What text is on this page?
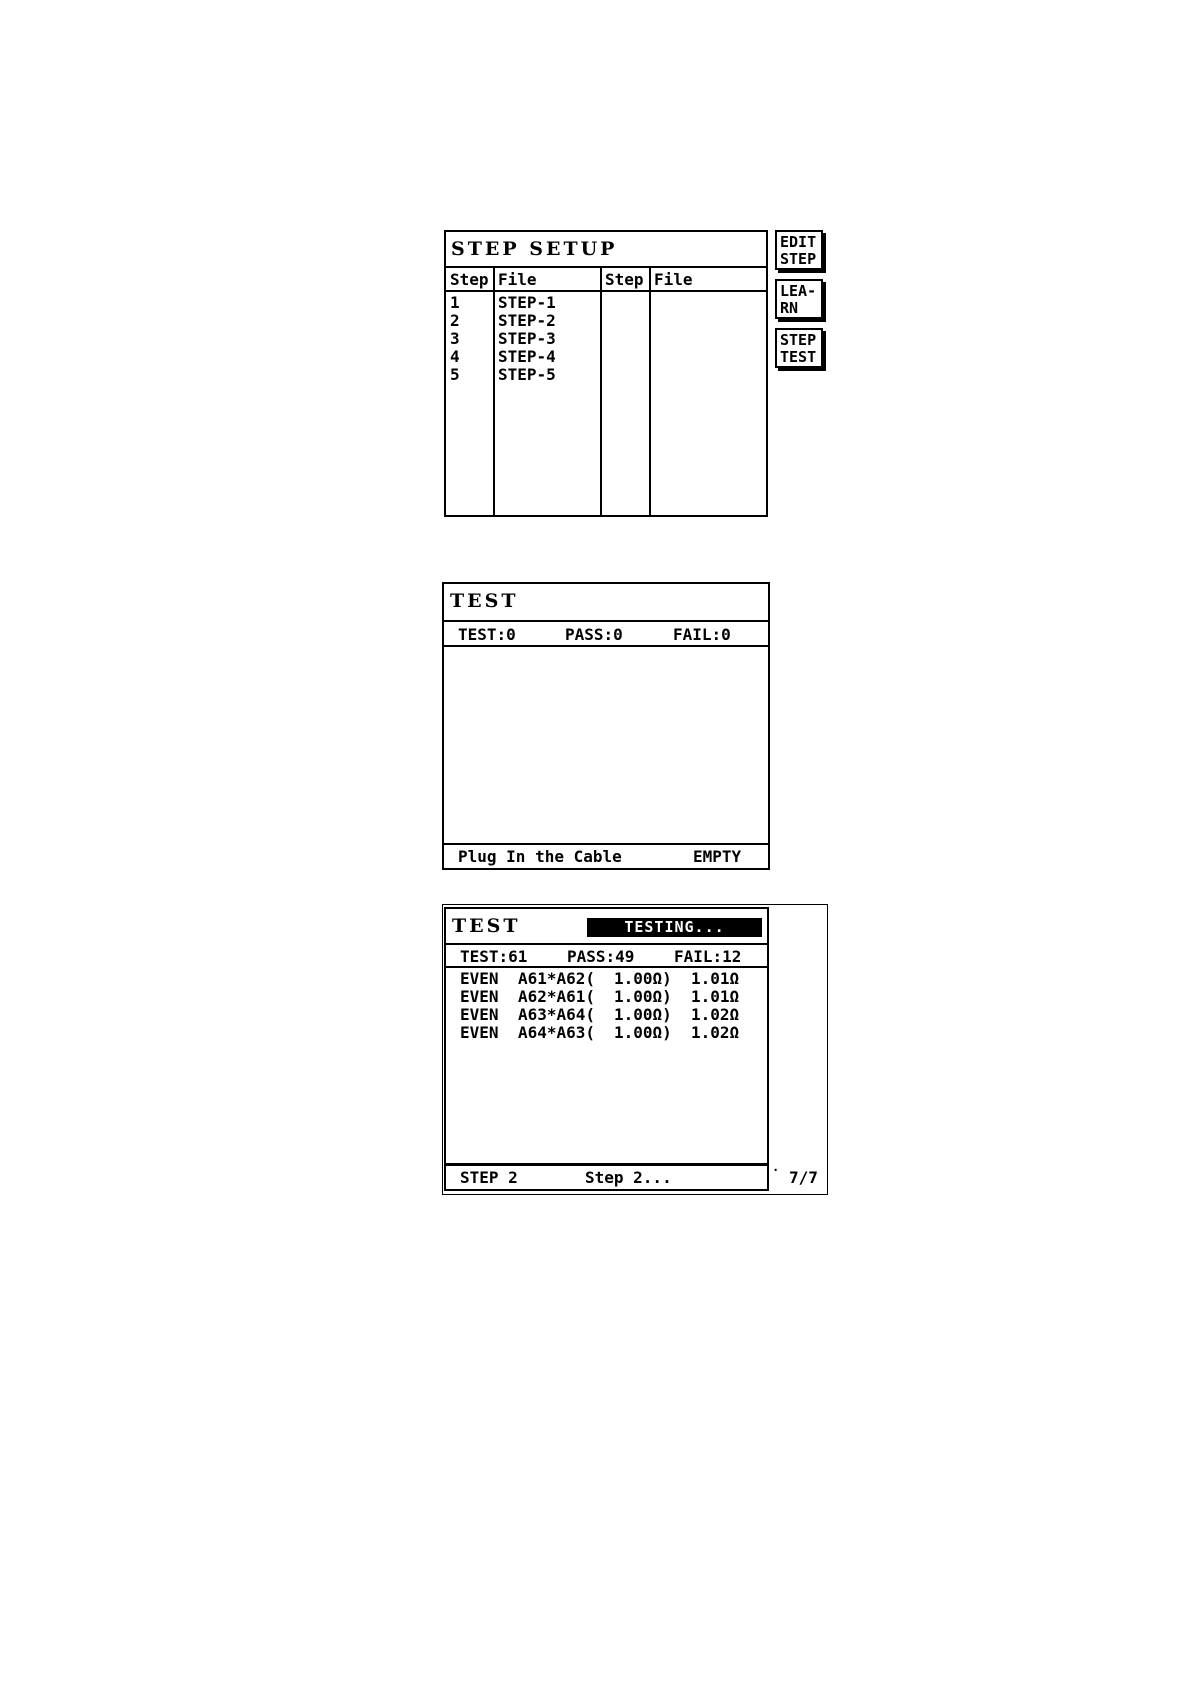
STEP SETUP
Step File	Step File
1 STEP-1
2 STEP-2
3 STEP-3
4 STEP-4
5 STEP-5
EDIT
STEP
LEA-
RN
STEP
TEST
TEST
TEST:0	PASS:0	FAIL:0
Plug In the Cable	EMPTY
TEST	TESTING...
TEST:61 PASS:49 FAIL:12
EVEN A61*A62( 1.00Ω) 1.01Ω
EVEN A62*A61( 1.00Ω) 1.01Ω
EVEN A63*A64( 1.00Ω) 1.02Ω
EVEN A64*A63( 1.00Ω) 1.02Ω
STEP 2	Step 2...	· 7/7
